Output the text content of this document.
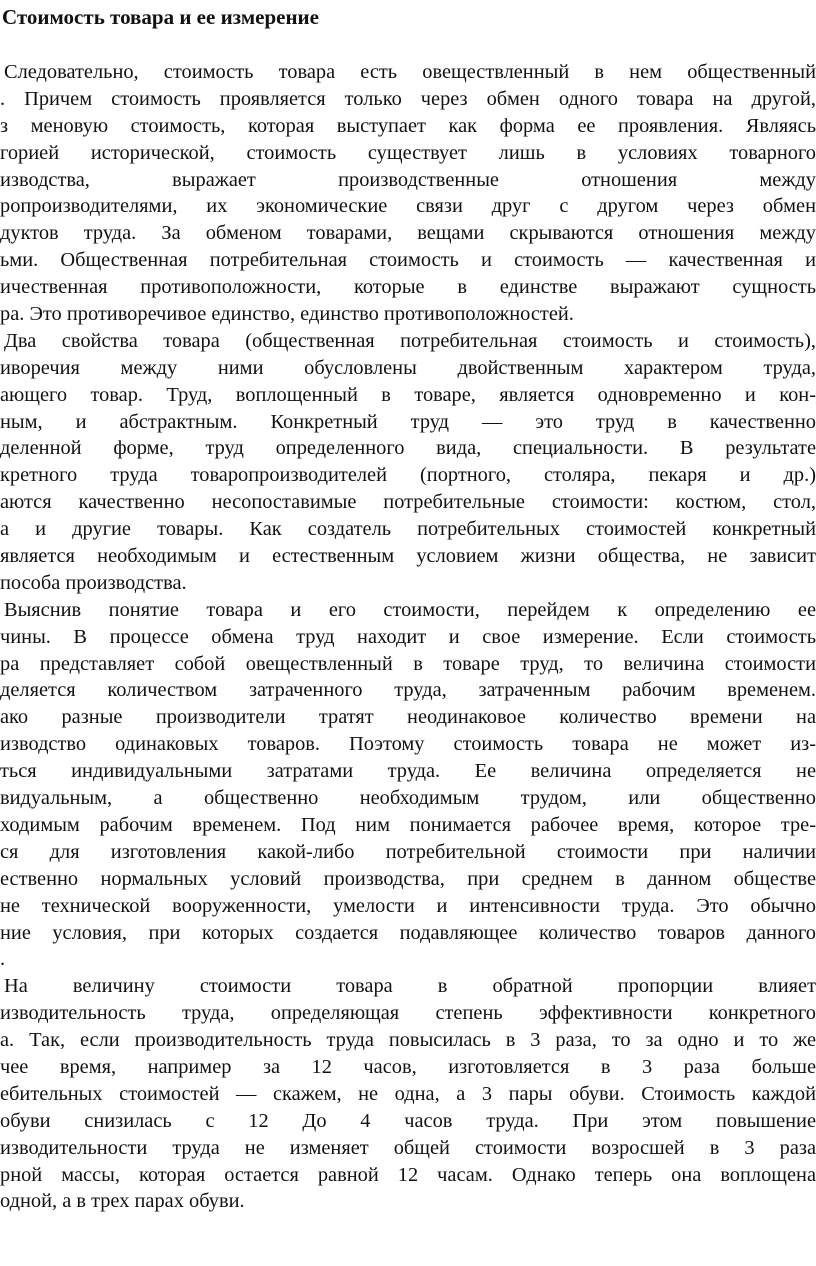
Стоимость товара и ее измерение
Следовательно, стоимость товара есть овеществленный в нем общественный
. Причем стоимость проявляется только через обмен одного товара на другой,
з меновую стоимость, которая выступает как форма ее проявления. Являясь
горией исторической, стоимость существует лишь в условиях товарного
изводства, выражает производственные отношения между
ропроизводителями, их экономические связи друг с другом через обмен
дуктов труда. За обменом товарами, вещами скрываются отношения между
ьми. Общественная потребительная стоимость и стоимость — качественная и
ичественная противоположности, которые в единстве выражают сущность
ра. Это противоречивое единство, единство противоположностей.
Два свойства товара (общественная потребительная стоимость и стоимость),
иворечия между ними обусловлены двойственным характером труда,
ающего товар. Труд, воплощенный в товаре, является одновременно и кон-
ным, и абстрактным. Конкретный труд — это труд в качественно
деленной форме, труд определенного вида, специальности. В результате
кретного труда товаропроизводителей (портного, столяра, пекаря и др.)
аются качественно несопоставимые потребительные стоимости: костюм, стол,
а и другие товары. Как создатель потребительных стоимостей конкретный
является необходимым и естественным условием жизни общества, не зависит
пособа производства.
Выяснив понятие товара и его стоимости, перейдем к определению ее
чины. В процессе обмена труд находит и свое измерение. Если стоимость
ра представляет собой овеществленный в товаре труд, то величина стоимости
деляется количеством затраченного труда, затраченным рабочим временем.
ако разные производители тратят неодинаковое количество времени на
изводство одинаковых товаров. Поэтому стоимость товара не может из-
ться индивидуальными затратами труда. Ее величина определяется не
видуальным, а общественно необходимым трудом, или общественно
ходимым рабочим временем. Под ним понимается рабочее время, которое тре-
ся для изготовления какой-либо потребительной стоимости при наличии
ественно нормальных условий производства, при среднем в данном обществе
не технической вооруженности, умелости и интенсивности труда. Это обычно
ние условия, при которых создается подавляющее количество товаров данного
.
На величину стоимости товара в обратной пропорции влияет
изводительность труда, определяющая степень эффективности конкретного
а. Так, если производительность труда повысилась в 3 раза, то за одно и то же
чее время, например за 12 часов, изготовляется в 3 раза больше
ебительных стоимостей — скажем, не одна, а 3 пары обуви. Стоимость каждой
обуви снизилась с 12 До 4 часов труда. При этом повышение
изводительности труда не изменяет общей стоимости возросшей в 3 раза
рной массы, которая остается равной 12 часам. Однако теперь она воплощена
одной, а в трех парах обуви.
